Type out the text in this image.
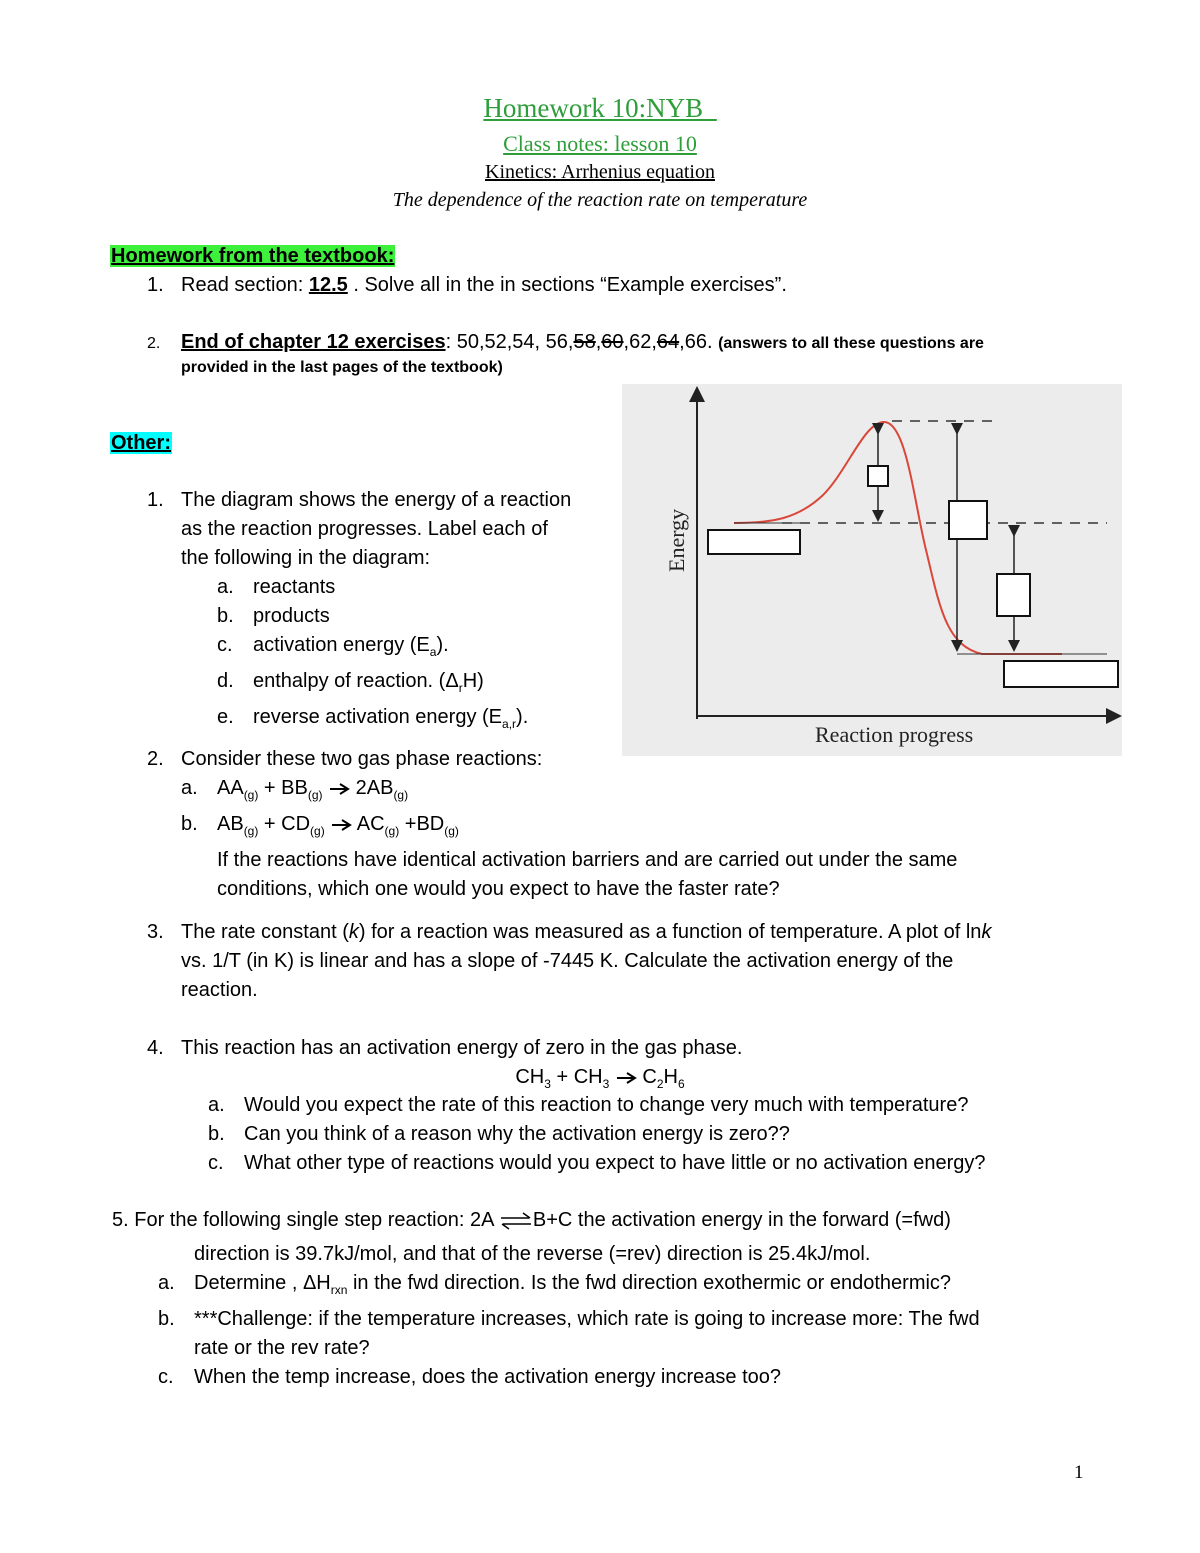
Homework 10:NYB_
Class notes: lesson 10
Kinetics: Arrhenius equation
The dependence of the reaction rate on temperature
Homework from the textbook:
1. Read section: 12.5 . Solve all in the in sections “Example exercises”.
2. End of chapter 12 exercises: 50,52,54, 56,58,60,62,64,66. (answers to all these questions are
provided in the last pages of the textbook)
Other:
1. The diagram shows the energy of a reaction
as the reaction progresses. Label each of
the following in the diagram:
a. reactants
b. products
c. activation energy $(E_a)$.
d. enthalpy of reaction. $(\Delta_rH)$
e. reverse activation energy $(E_{a,r})$.
Energy
Reaction progress
2. Consider these two gas phase reactions:
a. $AA_{(g)} + BB_{(g)}$  $2AB_{(g)}$
b. $AB_{(g)} + CD_{(g)}$  $AC_{(g)} +BD_{(g)}$
If the reactions have identical activation barriers and are carried out under the same
conditions, which one would you expect to have the faster rate?
3. The rate constant (k) for a reaction was measured as a function of temperature. A plot of lnk
vs. 1/T (in K) is linear and has a slope of -7445 K. Calculate the activation energy of the
reaction.
4. This reaction has an activation energy of zero in the gas phase.
$CH_3 + CH_3$  $C_2H_6$
a. Would you expect the rate of this reaction to change very much with temperature?
b. Can you think of a reason why the activation energy is zero??
c. What other type of reactions would you expect to have little or no activation energy?
5. For the following single step reaction: 2A ⇌B+C the activation energy in the forward (=fwd)
direction is 39.7kJ/mol, and that of the reverse (=rev) direction is 25.4kJ/mol.
a. Determine , $\Delta H_{rxn}$ in the fwd direction. Is the fwd direction exothermic or endothermic?
b. ***Challenge: if the temperature increases, which rate is going to increase more: The fwd
rate or the rev rate?
c. When the temp increase, does the activation energy increase too?
1
